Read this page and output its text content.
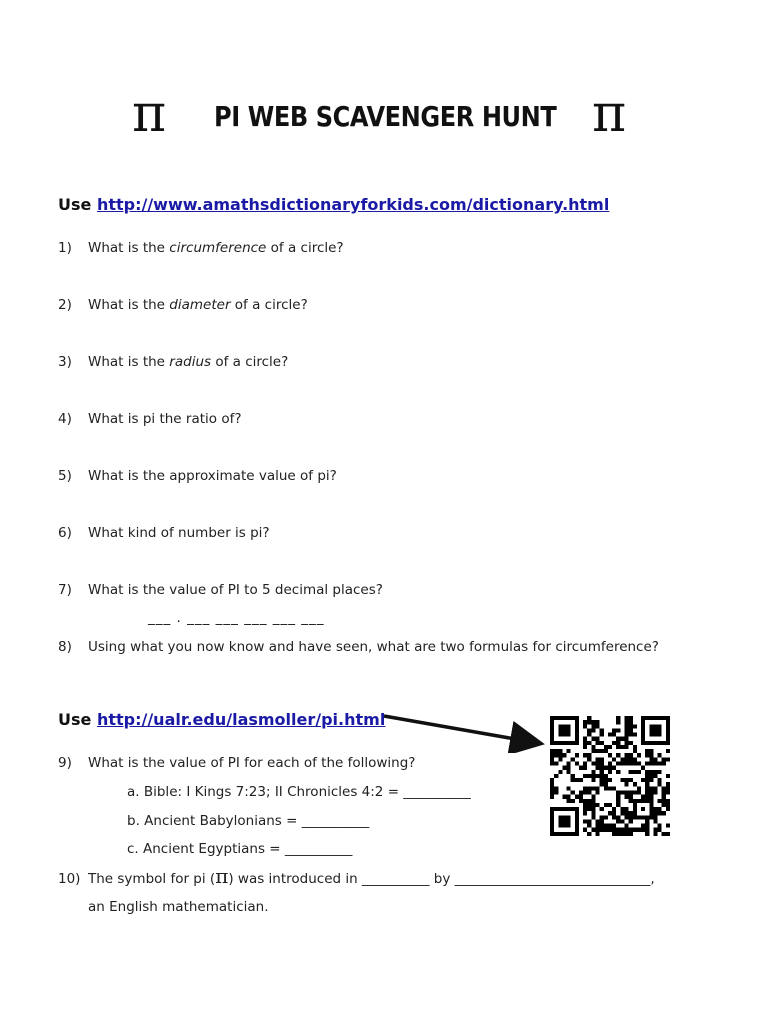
π PI WEB SCAVENGER HUNT π
Use http://www.amathsdictionaryforkids.com/dictionary.html
1) What is the circumference of a circle?
2) What is the diameter of a circle?
3) What is the radius of a circle?
4) What is pi the ratio of?
5) What is the approximate value of pi?
6) What kind of number is pi?
7) What is the value of PI to 5 decimal places?
___ . ___ ___ ___ ___ ___
8) Using what you now know and have seen, what are two formulas for circumference?
Use http://ualr.edu/lasmoller/pi.html
9) What is the value of PI for each of the following?
a. Bible: I Kings 7:23; II Chronicles 4:2 = __________
b. Ancient Babylonians = __________
c. Ancient Egyptians = __________
10) The symbol for pi (π) was introduced in __________ by _____________________________,
an English mathematician.
